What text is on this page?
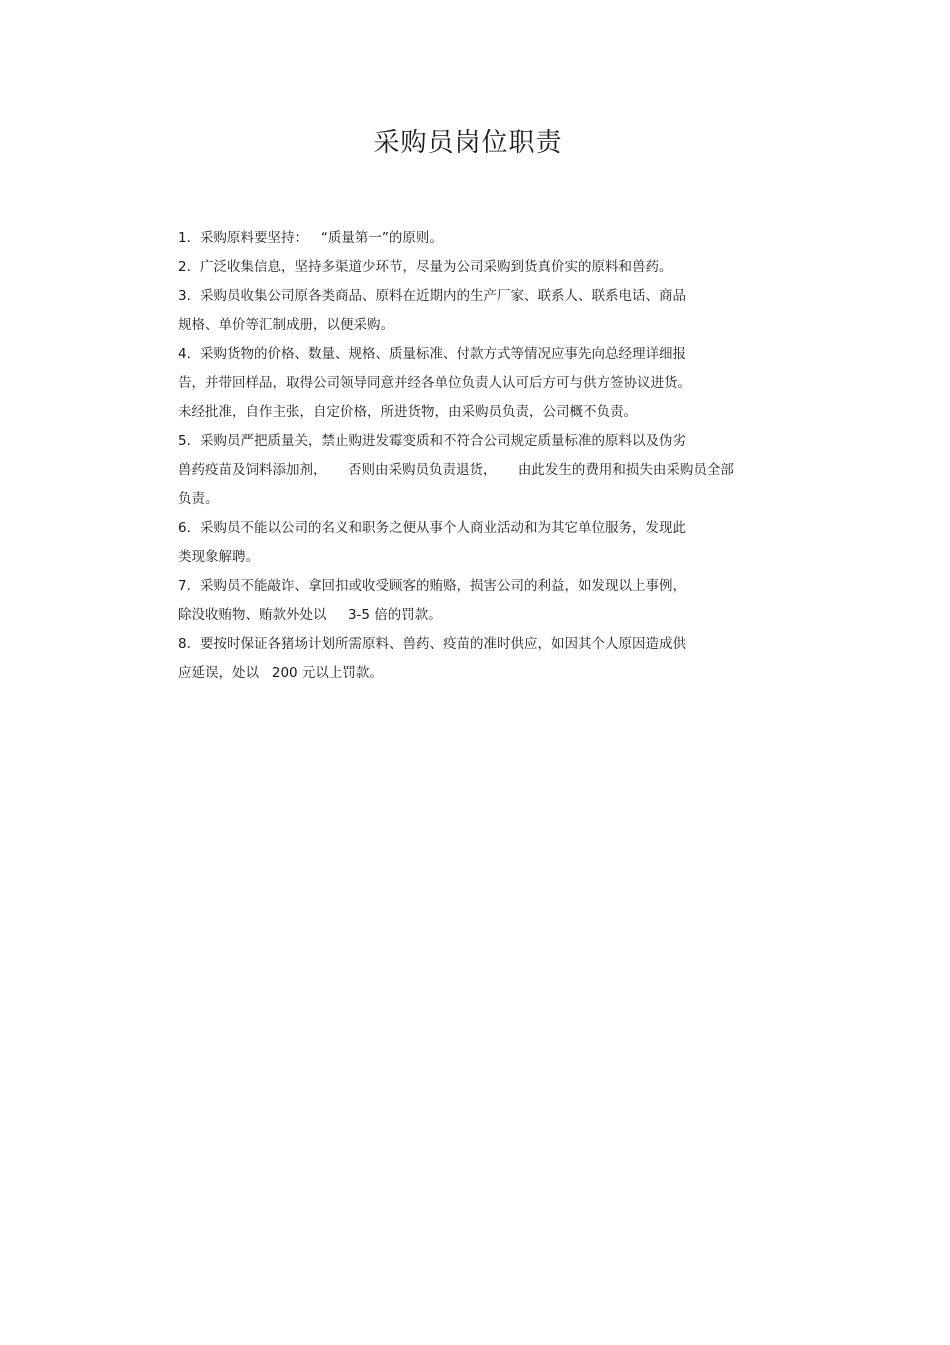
采购员岗位职责
1. 采购原料要坚持：   “质量第一”的原则。
2. 广泛收集信息，坚持多渠道少环节，尽量为公司采购到货真价实的原料和兽药。
3. 采购员收集公司原各类商品、原料在近期内的生产厂家、联系人、联系电话、商品
规格、单价等汇制成册，以便采购。
4. 采购货物的价格、数量、规格、质量标准、付款方式等情况应事先向总经理详细报
告，并带回样品，取得公司领导同意并经各单位负责人认可后方可与供方签协议进货。
未经批准，自作主张，自定价格，所进货物，由采购员负责，公司概不负责。
5. 采购员严把质量关，禁止购进发霉变质和不符合公司规定质量标准的原料以及伪劣
兽药疫苗及饲料添加剂，     否则由采购员负责退货，     由此发生的费用和损失由采购员全部
负责。
6. 采购员不能以公司的名义和职务之便从事个人商业活动和为其它单位服务，发现此
类现象解聘。
7. 采购员不能敲诈、拿回扣或收受顾客的贿赂，损害公司的利益，如发现以上事例，
除没收贿物、贿款外处以     3-5 倍的罚款。
8. 要按时保证各猪场计划所需原料、兽药、疫苗的准时供应，如因其个人原因造成供
应延误，处以   200 元以上罚款。
